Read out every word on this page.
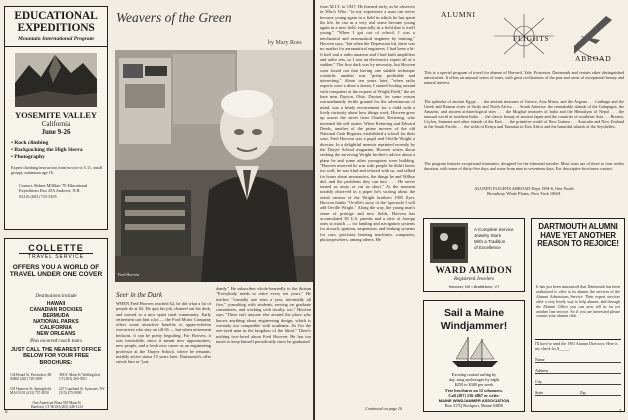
EDUCATIONAL
EXPEDITIONS
Mountain International Program
YOSEMITE VALLEY
California
June 9-26
• Rock climbing
• Backpacking the High Sierra
• Photography
Expert climbing instruction from novice to 5.11, small groups, minimum age 16.
Contact: Robert Mlllikin '70 Educational Expeditions Box 45A Andover, N.H. 03216 (603) 735-5495
COLLETTE
TRAVEL SERVICE
OFFERS YOU A WORLD OF TRAVEL UNDER ONE COVER
Destinations include
HAWAII
CANADIAN ROCKIES
BERMUDA
NATIONAL PARKS
CALIFORNIA
NEW ORLEANS
Plus escorted coach tours
JUST CALL THE NEAREST OFFICE BELOW FOR YOUR FREE BROCHURE:
134 Broad St. Pawtucket, RI 02860 (401) 728-3805
368 S. Main St. Wallingford, CT (203) 265-5501
101 Hanover St. Springfield, MA 01101 (413) 737-2050
227 Copeland St. Syracuse, NY (315) 475-0000
One American Plaza 918 Main St. Hartford, CT 06103 (203) 246-1213
Weavers of the Green
by Mary Ross
Fred Hooven
Seer in the Dark
WHEN Fred Hooven reached 62, he did what a lot of people do at 62: He quit his job, cleaned out his desk, and moved to a nice quiet rural community. Early retirement can hint a lot — the Ford Motor Company offers some attractive benefits to upper-echelon executives who stay on till 65 — but when retirement beckons, it can be pretty beguiling. For Hooven, it was irresistible, since it meant new opportunities, new people, and a fresh new career as an engineering professor at the Thayer School, where he remains, notably active status 15 years later. Dartmouth's offer struck him as "just
dandy." He subscribes whole-heartedly to the dictum "Everybody needs to retire every ten years." He teaches "formally one term a year, informally all five," consulting with students, serving on graduate committees, and working with faculty, too." Hooven says "There isn't anyone else around the place who knows anything about engineering design, which is certainly not compatible with academia. So I'm the one-eyed man in the kingdom of the blind." There's nothing two-faced about Fred Hooven: He has too much to keep himself periodically since he graduated
6
from M.I.T. in 1927. He learned early, as he observes in Who's Who: "in my experience a man can never become young again in a field in which he has spent his life, he can as a very real sense become young again in a new field, especially in a field that is itself young." "When I got out of school, I was a mechanical and aeronautical engineer by training," Hooven says, "but when the Depression hit, there was no market for aeronautical engineers. I had been a hi-fi buff and a radio amateur and I had built amplifiers and radio sets, so I was an electronics expert all of a sudden." The first dark was by necessity, but Hooven soon found out that having one salable technique scientific another was "pretty profitable and interesting." About ten years later, "when radio experts were a dime a dozen, I started fooling around with computers at the request of Wright Field," the air base near Dayton, Ohio. Dayton, for some reason extraordinarily fertile ground for the adventurous of mind, was a heady environment for a child with a lively curiosity about how things work. Hooven grew up across the street from Charles Kettering, who invented the self starter. When Kettering and Edward Deeds, another of the prime movers of the old National Cash Register, established a school for their sons, Fred Hooven was a pupil and Orville Wright a director. In a delightful memoir reprinted recently by the Thayer School magazine, Hooven writes about seeking the surviving Wright brother's advice about a plane he and some other youngsters were building. "Hooven reserved he was with people he didn't know too well, he was kind and relaxed with us, and talked for hours about aeronautics, the things he and Wilbur did, and the problems they ran into . . . He never turned us away or cut us short." At the moment notably observed in a paper he's writing about the aerial camera of the Wright brothers 1905 flyer, Hooven thinks "Orville's story of the 'spectacle I will add Orville Wright." Along the way, the young man's sense of prestige and new fields, Hooven has accumulated 38 U.S. patents and a slew of foreign ones to match — for landing and navigation systems for aircraft, ignition, suspension, and braking systems for cars; precision burning machines, computers, photoypesetters, among others. He
Continued on page 10
ALUMNI
FLIGHTS
ABROAD
This is a special program of travel for alumni of Harvard, Yale, Princeton, Dartmouth and certain other distinguished universities. It offers an unusual series of tours, with great civilizations of the past and areas of exceptional beauty and natural interest.
The splendor of ancient Egypt . . . the ancient treasures of Greece, Asia Minor, and the Aegean . . . Carthage and the Greek and Roman cities of Sicily and North Africa . . . South America: the remarkable islands of the Galapagos, the Amazon, and ancient archaeological sites . . . the Moghul treasures of India and the Himalayas of Nepal . . . the unusual world of southern India . . . the classic beauty of ancient Japan and the countries of southeast Asia . . . Borneo, Ceylon, Sumatra and other islands of the East . . . the primitive world of New Guinea . . . Australia and New Zealand in the South Pacific . . . the wilds of Kenya and Tanzania in East Africa and the beautiful islands of the Seychelles.
The program features exceptional itineraries, designed for the educated traveler. Most tours are of three to four weeks duration, with some of thirty-five days and some from nine to seventeen days. For descriptive brochures contact:
ALUMNI FLIGHTS ABROAD Dept. DM-6, One North Broadway White Plains, New York 10601
A Complete Service
Jewelry Store
With a Tradition
of Excellence
WARD AMIDON
Registered Jewelers
Hanover, NH • Brattleboro, VT
Sail a Maine
Windjammer!
Exciting coastal sailing by
day, snug anchorages by night
$250 to $300 per week
Free brochures on 12 schooners.
Call (207) 236-4867 or write:
MAINE WINDJAMMER ASSOCIATION
Box 317Q Rockport, Maine 04856
DARTMOUTH ALUMNI HAVE YET ANOTHER REASON TO REJOICE!
It has just been announced that Dartmouth has been authorized to offer to its alumni the services of the Alumni Admissions Service. Their expert services offer a very lovely way to help alumni, and through the Alumni Office you can now tell in on yet another fine service. So if you are interested please contact your alumni club.
I'll have to send the 1981 Alumni Directory. Here is my check for $_____.
Name
Address
City
State	Zip
7
